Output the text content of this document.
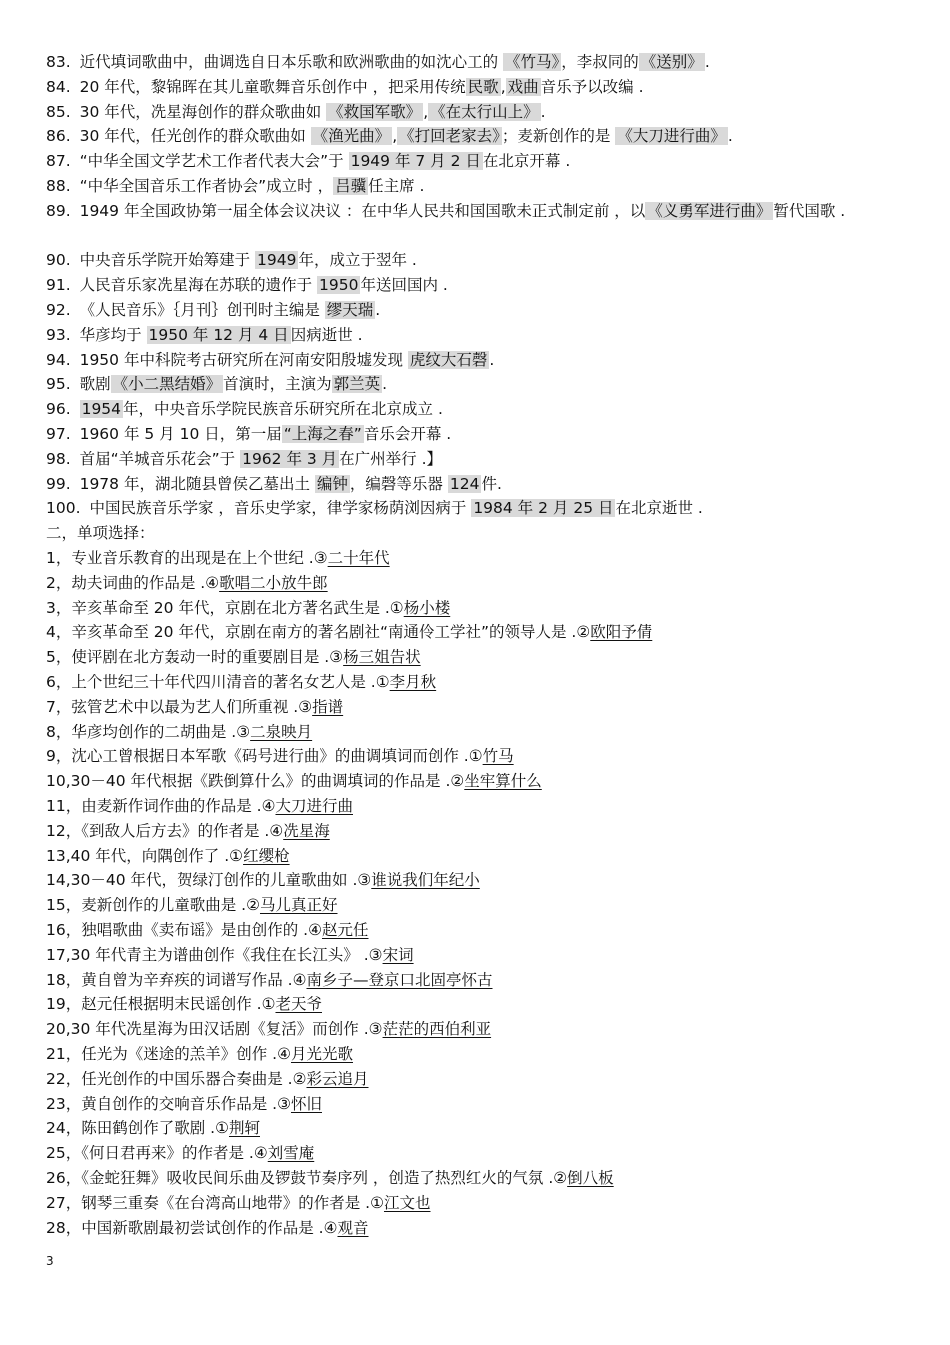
83. 近代填词歌曲中，曲调选自日本乐歌和欧洲歌曲的如沈心工的 《竹马》 ，李叔同的 《送别》 .
84. 20 年代，黎锦晖在其儿童歌舞音乐创作中 ，把采用传统 民歌 , 戏曲 音乐予以改编 .
85. 30 年代，冼星海创作的群众歌曲如 《救国军歌》 , 《在太行山上》 .
86. 30 年代，任光创作的群众歌曲如 《渔光曲》 , 《打回老家去》 ；麦新创作的是 《大刀进行曲》 .
87. “中华全国文学艺术工作者代表大会”于 1949 年 7 月 2 日 在北京开幕 .
88. “中华全国音乐工作者协会”成立时 ， 吕骥 任主席 .
89. 1949 年全国政协第一届全体会议决议 ：在中华人民共和国国歌未正式制定前 ，以 《义勇军进行曲》 暂代国歌 .
90. 中央音乐学院开始筹建于 1949 年，成立于翌年 .
91. 人民音乐家冼星海在苏联的遗作于 1950 年送回国内 .
92. 《人民音乐》｛月刊｝创刊时主编是 缪天瑞 .
93. 华彦均于 1950 年 12 月 4 日 因病逝世 .
94. 1950 年中科院考古研究所在河南安阳殷墟发现 虎纹大石磬 .
95. 歌剧 《小二黑结婚》 首演时，主演为 郭兰英 .
96. 1954 年，中央音乐学院民族音乐研究所在北京成立 .
97. 1960 年 5 月 10 日，第一届 “上海之春” 音乐会开幕 .
98. 首届“羊城音乐花会”于 1962 年 3 月 在广州举行 .】
99. 1978 年，湖北随县曾侯乙墓出土 编钟 ，编磬等乐器 124 件.
100. 中国民族音乐学家 ，音乐史学家，律学家杨荫浏因病于 1984 年 2 月 25 日 在北京逝世 .
二，单项选择：
1，专业音乐教育的出现是在上个世纪 .③二十年代
2，劫夫词曲的作品是 .④歌唱二小放牛郎
3，辛亥革命至 20 年代，京剧在北方著名武生是 .①杨小楼
4，辛亥革命至 20 年代，京剧在南方的著名剧社“南通伶工学社”的领导人是 .②欧阳予倩
5，使评剧在北方轰动一时的重要剧目是 .③杨三姐告状
6，上个世纪三十年代四川清音的著名女艺人是 .①李月秋
7，弦管艺术中以最为艺人们所重视 .③指谱
8，华彦均创作的二胡曲是 .③二泉映月
9，沈心工曾根据日本军歌《码号进行曲》的曲调填词而创作 .①竹马
10,30－40 年代根据《跌倒算什么》的曲调填词的作品是 .②坐牢算什么
11，由麦新作词作曲的作品是 .④大刀进行曲
12，《到敌人后方去》的作者是 .④冼星海
13,40 年代，向隅创作了 .①红缨枪
14,30－40 年代，贺绿汀创作的儿童歌曲如 .③谁说我们年纪小
15，麦新创作的儿童歌曲是 .②马儿真正好
16，独唱歌曲《卖布谣》是由创作的 .④赵元任
17,30 年代青主为谱曲创作《我住在长江头》 .③宋词
18，黄自曾为辛弃疾的词谱写作品 .④南乡子—登京口北固亭怀古
19，赵元任根据明末民谣创作 .①老天爷
20,30 年代冼星海为田汉话剧《复活》而创作 .③茫茫的西伯利亚
21，任光为《迷途的羔羊》创作 .④月光光歌
22，任光创作的中国乐器合奏曲是 .②彩云追月
23，黄自创作的交响音乐作品是 .③怀旧
24，陈田鹤创作了歌剧 .①荆轲
25，《何日君再来》的作者是 .④刘雪庵
26，《金蛇狂舞》吸收民间乐曲及锣鼓节奏序列 ，创造了热烈红火的气氛 .②倒八板
27，钢琴三重奏《在台湾高山地带》的作者是 .①江文也
28，中国新歌剧最初尝试创作的作品是 .④观音
3
